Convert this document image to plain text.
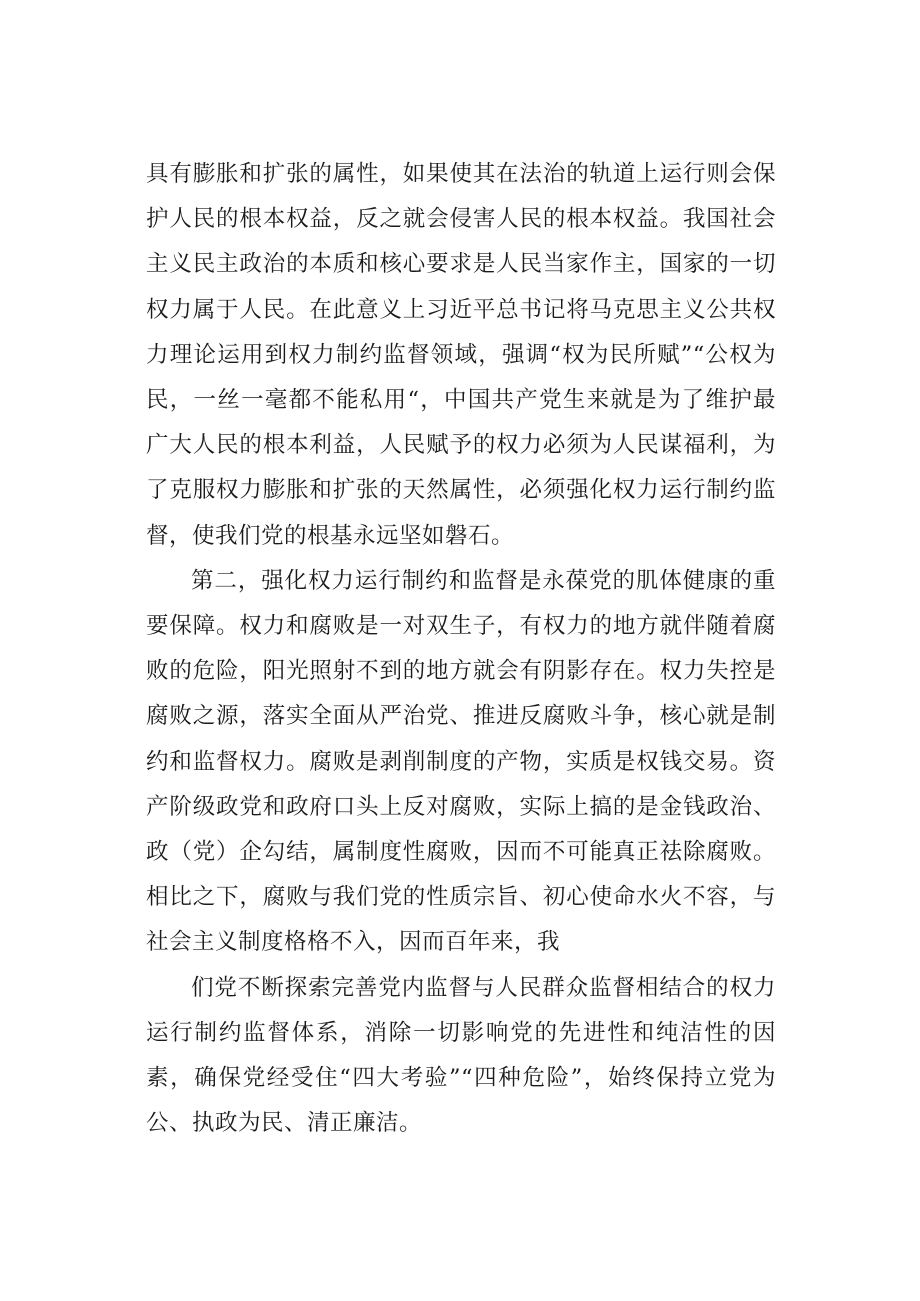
具有膨胀和扩张的属性，如果使其在法治的轨道上运行则会保护人民的根本权益，反之就会侵害人民的根本权益。我国社会主义民主政治的本质和核心要求是人民当家作主，国家的一切权力属于人民。在此意义上习近平总书记将马克思主义公共权力理论运用到权力制约监督领域，强调“权为民所赋”“公权为民，一丝一毫都不能私用“，中国共产党生来就是为了维护最广大人民的根本利益，人民赋予的权力必须为人民谋福利，为了克服权力膨胀和扩张的天然属性，必须强化权力运行制约监督，使我们党的根基永远坚如磐石。

第二，强化权力运行制约和监督是永葆党的肌体健康的重要保障。权力和腐败是一对双生子，有权力的地方就伴随着腐败的危险，阳光照射不到的地方就会有阴影存在。权力失控是腐败之源，落实全面从严治党、推进反腐败斗争，核心就是制约和监督权力。腐败是剥削制度的产物，实质是权钱交易。资产阶级政党和政府口头上反对腐败，实际上搞的是金钱政治、政（党）企勾结，属制度性腐败，因而不可能真正祛除腐败。相比之下，腐败与我们党的性质宗旨、初心使命水火不容，与社会主义制度格格不入，因而百年来，我

们党不断探索完善党内监督与人民群众监督相结合的权力运行制约监督体系，消除一切影响党的先进性和纯洁性的因素，确保党经受住“四大考验”“四种危险”，始终保持立党为公、执政为民、清正廉洁。
